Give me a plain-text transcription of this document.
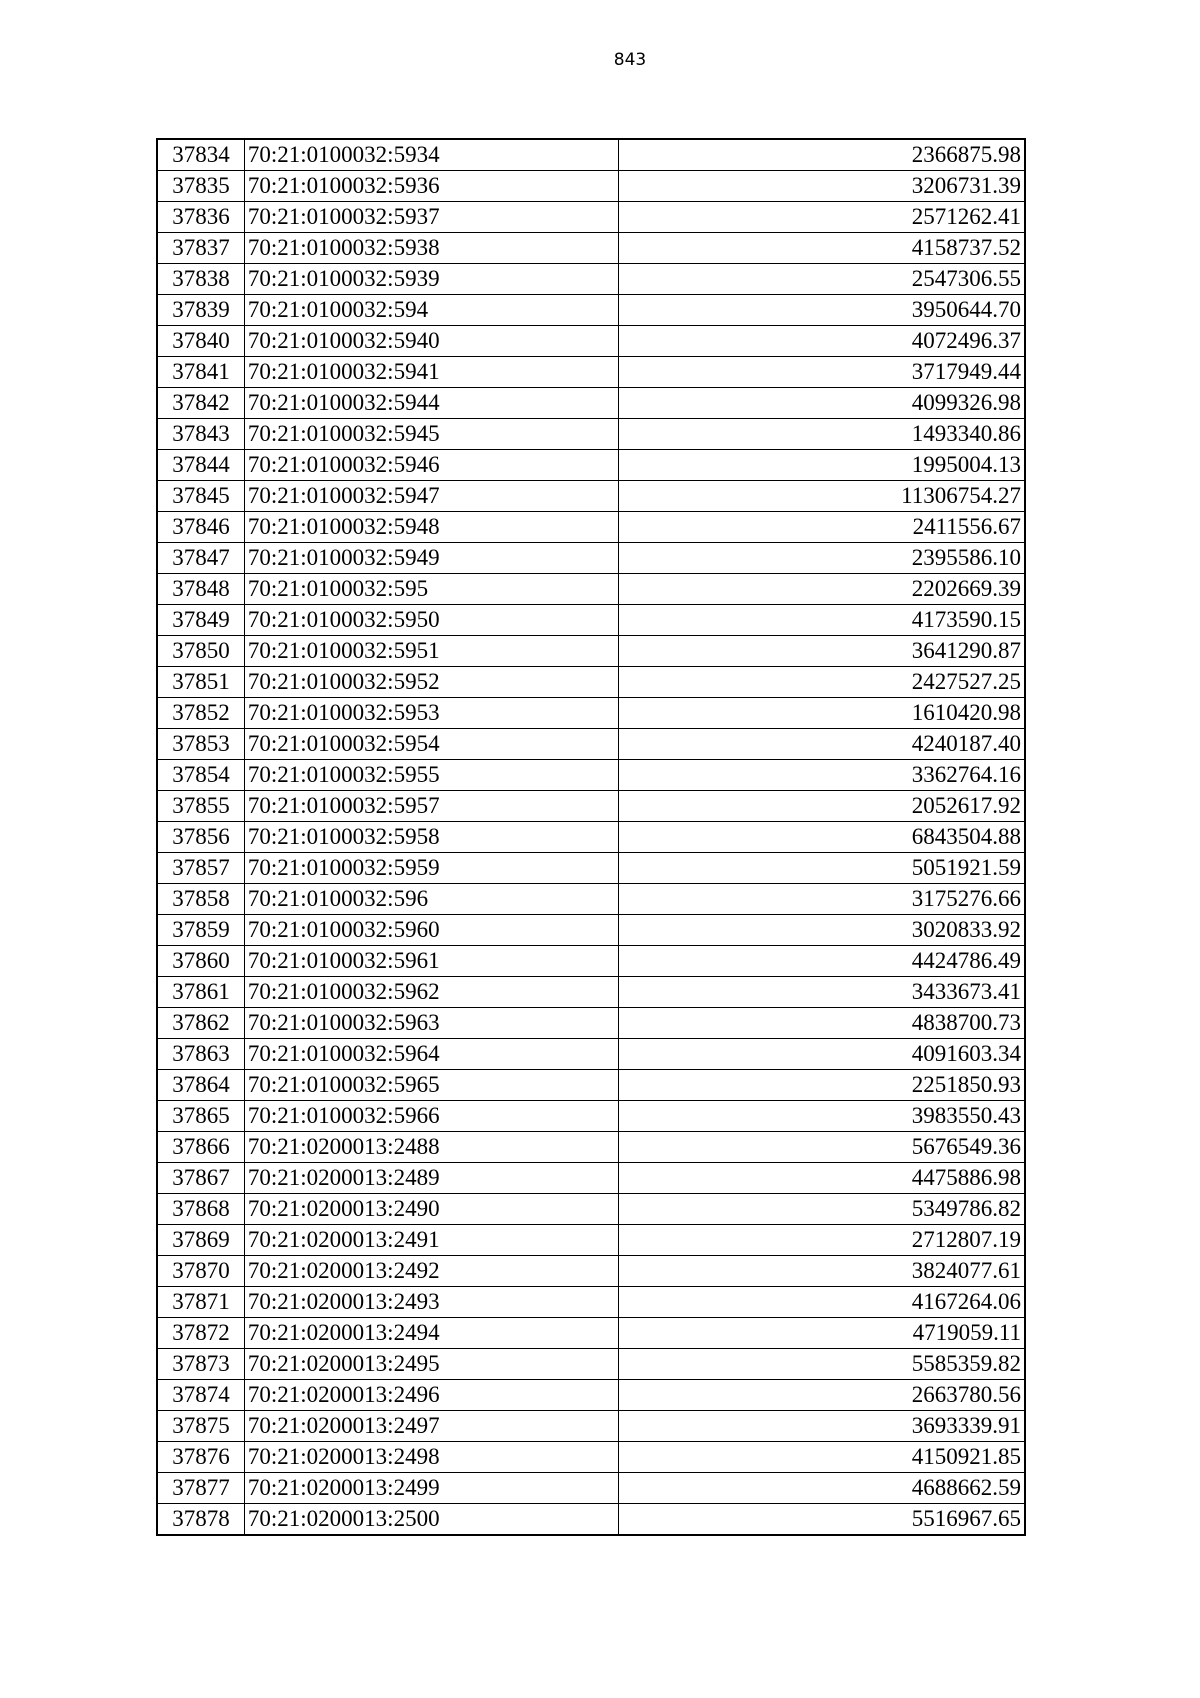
843
37834	70:21:0100032:5934	2366875.98
37835	70:21:0100032:5936	3206731.39
37836	70:21:0100032:5937	2571262.41
37837	70:21:0100032:5938	4158737.52
37838	70:21:0100032:5939	2547306.55
37839	70:21:0100032:594	3950644.70
37840	70:21:0100032:5940	4072496.37
37841	70:21:0100032:5941	3717949.44
37842	70:21:0100032:5944	4099326.98
37843	70:21:0100032:5945	1493340.86
37844	70:21:0100032:5946	1995004.13
37845	70:21:0100032:5947	11306754.27
37846	70:21:0100032:5948	2411556.67
37847	70:21:0100032:5949	2395586.10
37848	70:21:0100032:595	2202669.39
37849	70:21:0100032:5950	4173590.15
37850	70:21:0100032:5951	3641290.87
37851	70:21:0100032:5952	2427527.25
37852	70:21:0100032:5953	1610420.98
37853	70:21:0100032:5954	4240187.40
37854	70:21:0100032:5955	3362764.16
37855	70:21:0100032:5957	2052617.92
37856	70:21:0100032:5958	6843504.88
37857	70:21:0100032:5959	5051921.59
37858	70:21:0100032:596	3175276.66
37859	70:21:0100032:5960	3020833.92
37860	70:21:0100032:5961	4424786.49
37861	70:21:0100032:5962	3433673.41
37862	70:21:0100032:5963	4838700.73
37863	70:21:0100032:5964	4091603.34
37864	70:21:0100032:5965	2251850.93
37865	70:21:0100032:5966	3983550.43
37866	70:21:0200013:2488	5676549.36
37867	70:21:0200013:2489	4475886.98
37868	70:21:0200013:2490	5349786.82
37869	70:21:0200013:2491	2712807.19
37870	70:21:0200013:2492	3824077.61
37871	70:21:0200013:2493	4167264.06
37872	70:21:0200013:2494	4719059.11
37873	70:21:0200013:2495	5585359.82
37874	70:21:0200013:2496	2663780.56
37875	70:21:0200013:2497	3693339.91
37876	70:21:0200013:2498	4150921.85
37877	70:21:0200013:2499	4688662.59
37878	70:21:0200013:2500	5516967.65
